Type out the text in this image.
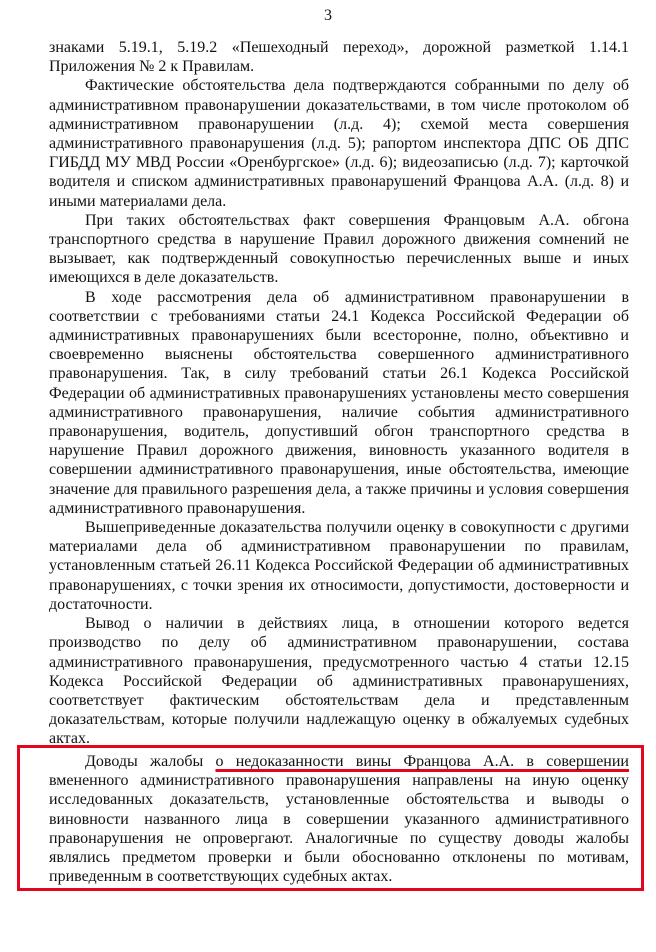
3

знаками 5.19.1, 5.19.2 «Пешеходный переход», дорожной разметкой 1.14.1 Приложения № 2 к Правилам.

Фактические обстоятельства дела подтверждаются собранными по делу об административном правонарушении доказательствами, в том числе протоколом об административном правонарушении (л.д. 4); схемой места совершения административного правонарушения (л.д. 5); рапортом инспектора ДПС ОБ ДПС ГИБДД МУ МВД России «Оренбургское» (л.д. 6); видеозаписью (л.д. 7); карточкой водителя и списком административных правонарушений Францова А.А. (л.д. 8) и иными материалами дела.

При таких обстоятельствах факт совершения Францовым А.А. обгона транспортного средства в нарушение Правил дорожного движения сомнений не вызывает, как подтвержденный совокупностью перечисленных выше и иных имеющихся в деле доказательств.

В ходе рассмотрения дела об административном правонарушении в соответствии с требованиями статьи 24.1 Кодекса Российской Федерации об административных правонарушениях были всесторонне, полно, объективно и своевременно выяснены обстоятельства совершенного административного правонарушения. Так, в силу требований статьи 26.1 Кодекса Российской Федерации об административных правонарушениях установлены место совершения административного правонарушения, наличие события административного правонарушения, водитель, допустивший обгон транспортного средства в нарушение Правил дорожного движения, виновность указанного водителя в совершении административного правонарушения, иные обстоятельства, имеющие значение для правильного разрешения дела, а также причины и условия совершения административного правонарушения.

Вышеприведенные доказательства получили оценку в совокупности с другими материалами дела об административном правонарушении по правилам, установленным статьей 26.11 Кодекса Российской Федерации об административных правонарушениях, с точки зрения их относимости, допустимости, достоверности и достаточности.

Вывод о наличии в действиях лица, в отношении которого ведется производство по делу об административном правонарушении, состава административного правонарушения, предусмотренного частью 4 статьи 12.15 Кодекса Российской Федерации об административных правонарушениях, соответствует фактическим обстоятельствам дела и представленным доказательствам, которые получили надлежащую оценку в обжалуемых судебных актах.

Доводы жалобы о недоказанности вины Францова А.А. в совершении вмененного административного правонарушения направлены на иную оценку исследованных доказательств, установленные обстоятельства и выводы о виновности названного лица в совершении указанного административного правонарушения не опровергают. Аналогичные по существу доводы жалобы являлись предметом проверки и были обоснованно отклонены по мотивам, приведенным в соответствующих судебных актах.
